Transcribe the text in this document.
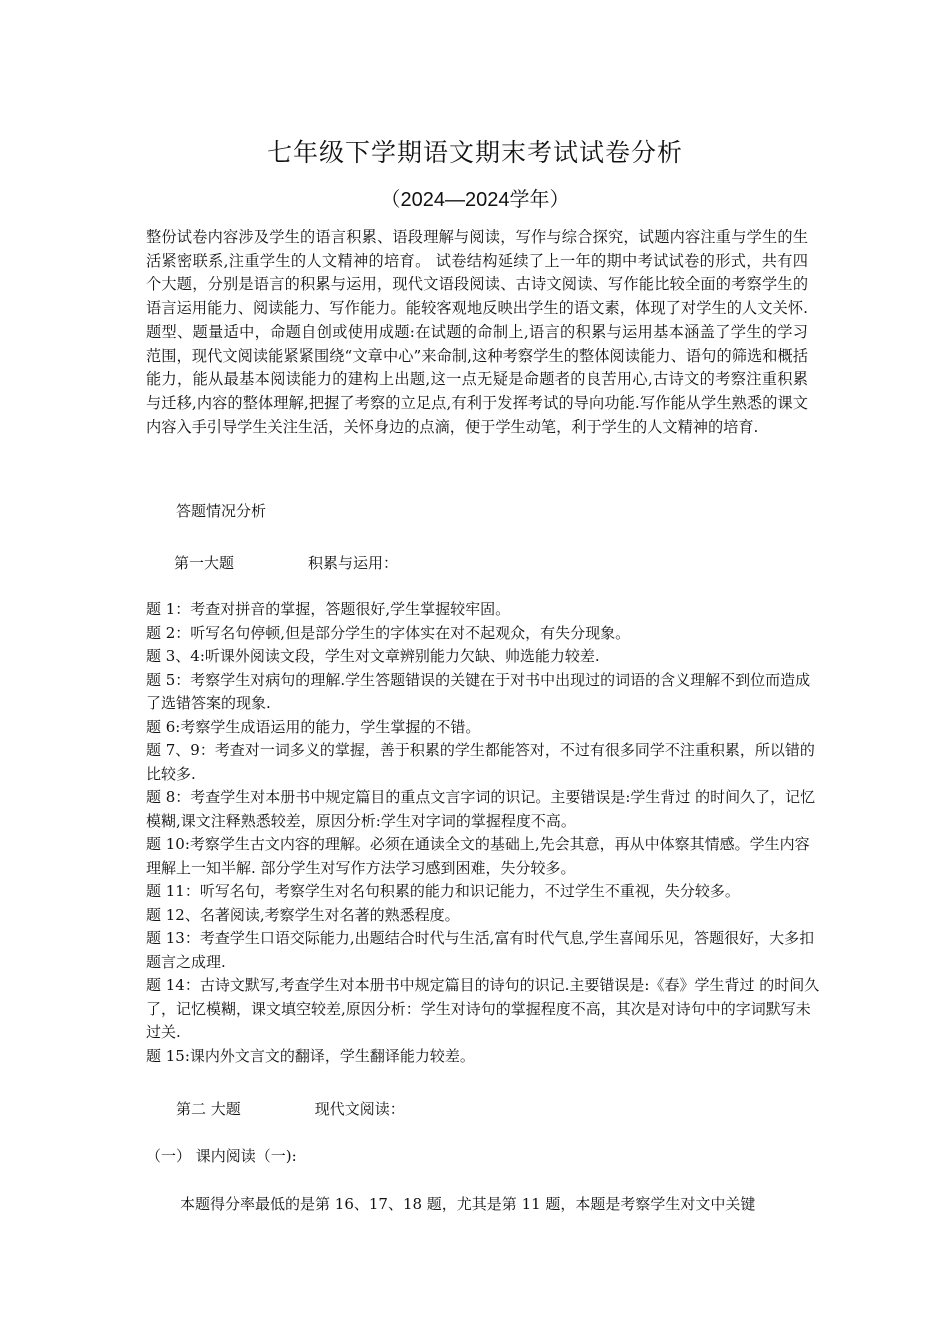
七年级下学期语文期末考试试卷分析
（2024—2024学年）
整份试卷内容涉及学生的语言积累、语段理解与阅读，写作与综合探究，试题内容注重与学生的生活紧密联系,注重学生的人文精神的培育。 试卷结构延续了上一年的期中考试试卷的形式，共有四个大题，分别是语言的积累与运用，现代文语段阅读、古诗文阅读、写作能比较全面的考察学生的语言运用能力、阅读能力、写作能力。能较客观地反映出学生的语文素，体现了对学生的人文关怀. 题型、题量适中，命题自创或使用成题:在试题的命制上,语言的积累与运用基本涵盖了学生的学习范围，现代文阅读能紧紧围绕“文章中心”来命制,这种考察学生的整体阅读能力、语句的筛选和概括能力，能从最基本阅读能力的建构上出题,这一点无疑是命题者的良苦用心,古诗文的考察注重积累与迁移,内容的整体理解,把握了考察的立足点,有利于发挥考试的导向功能.写作能从学生熟悉的课文内容入手引导学生关注生活，关怀身边的点滴，便于学生动笔，利于学生的人文精神的培育.
答题情况分析
第一大题	积累与运用：

题 1：考查对拼音的掌握，答题很好,学生掌握较牢固。

题 2：听写名句停顿,但是部分学生的字体实在对不起观众，有失分现象。

题 3、4:听课外阅读文段，学生对文章辨别能力欠缺、帅选能力较差.

题 5：考察学生对病句的理解.学生答题错误的关键在于对书中出现过的词语的含义理解不到位而造成了选错答案的现象.

题 6:考察学生成语运用的能力，学生掌握的不错。

题 7、9：考查对一词多义的掌握，善于积累的学生都能答对，不过有很多同学不注重积累，所以错的比较多.

题 8：考查学生对本册书中规定篇目的重点文言字词的识记。主要错误是:学生背过 的时间久了，记忆模糊,课文注释熟悉较差，原因分析:学生对字词的掌握程度不高。

题 10:考察学生古文内容的理解。必须在通读全文的基础上,先会其意，再从中体察其情感。学生内容理解上一知半解. 部分学生对写作方法学习感到困难，失分较多。

题 11：听写名句，考察学生对名句积累的能力和识记能力，不过学生不重视，失分较多。

题 12、名著阅读,考察学生对名著的熟悉程度。

题 13：考查学生口语交际能力,出题结合时代与生活,富有时代气息,学生喜闻乐见，答题很好，大多扣题言之成理.

题 14：古诗文默写,考查学生对本册书中规定篇目的诗句的识记.主要错误是:《春》学生背过 的时间久了，记忆模糊，课文填空较差,原因分析：学生对诗句的掌握程度不高，其次是对诗句中的字词默写未过关.

题 15:课内外文言文的翻译，学生翻译能力较差。

第二 大题	现代文阅读：
（一） 课内阅读（一):
本题得分率最低的是第 16、17、18 题，尤其是第 11 题，本题是考察学生对文中关键
